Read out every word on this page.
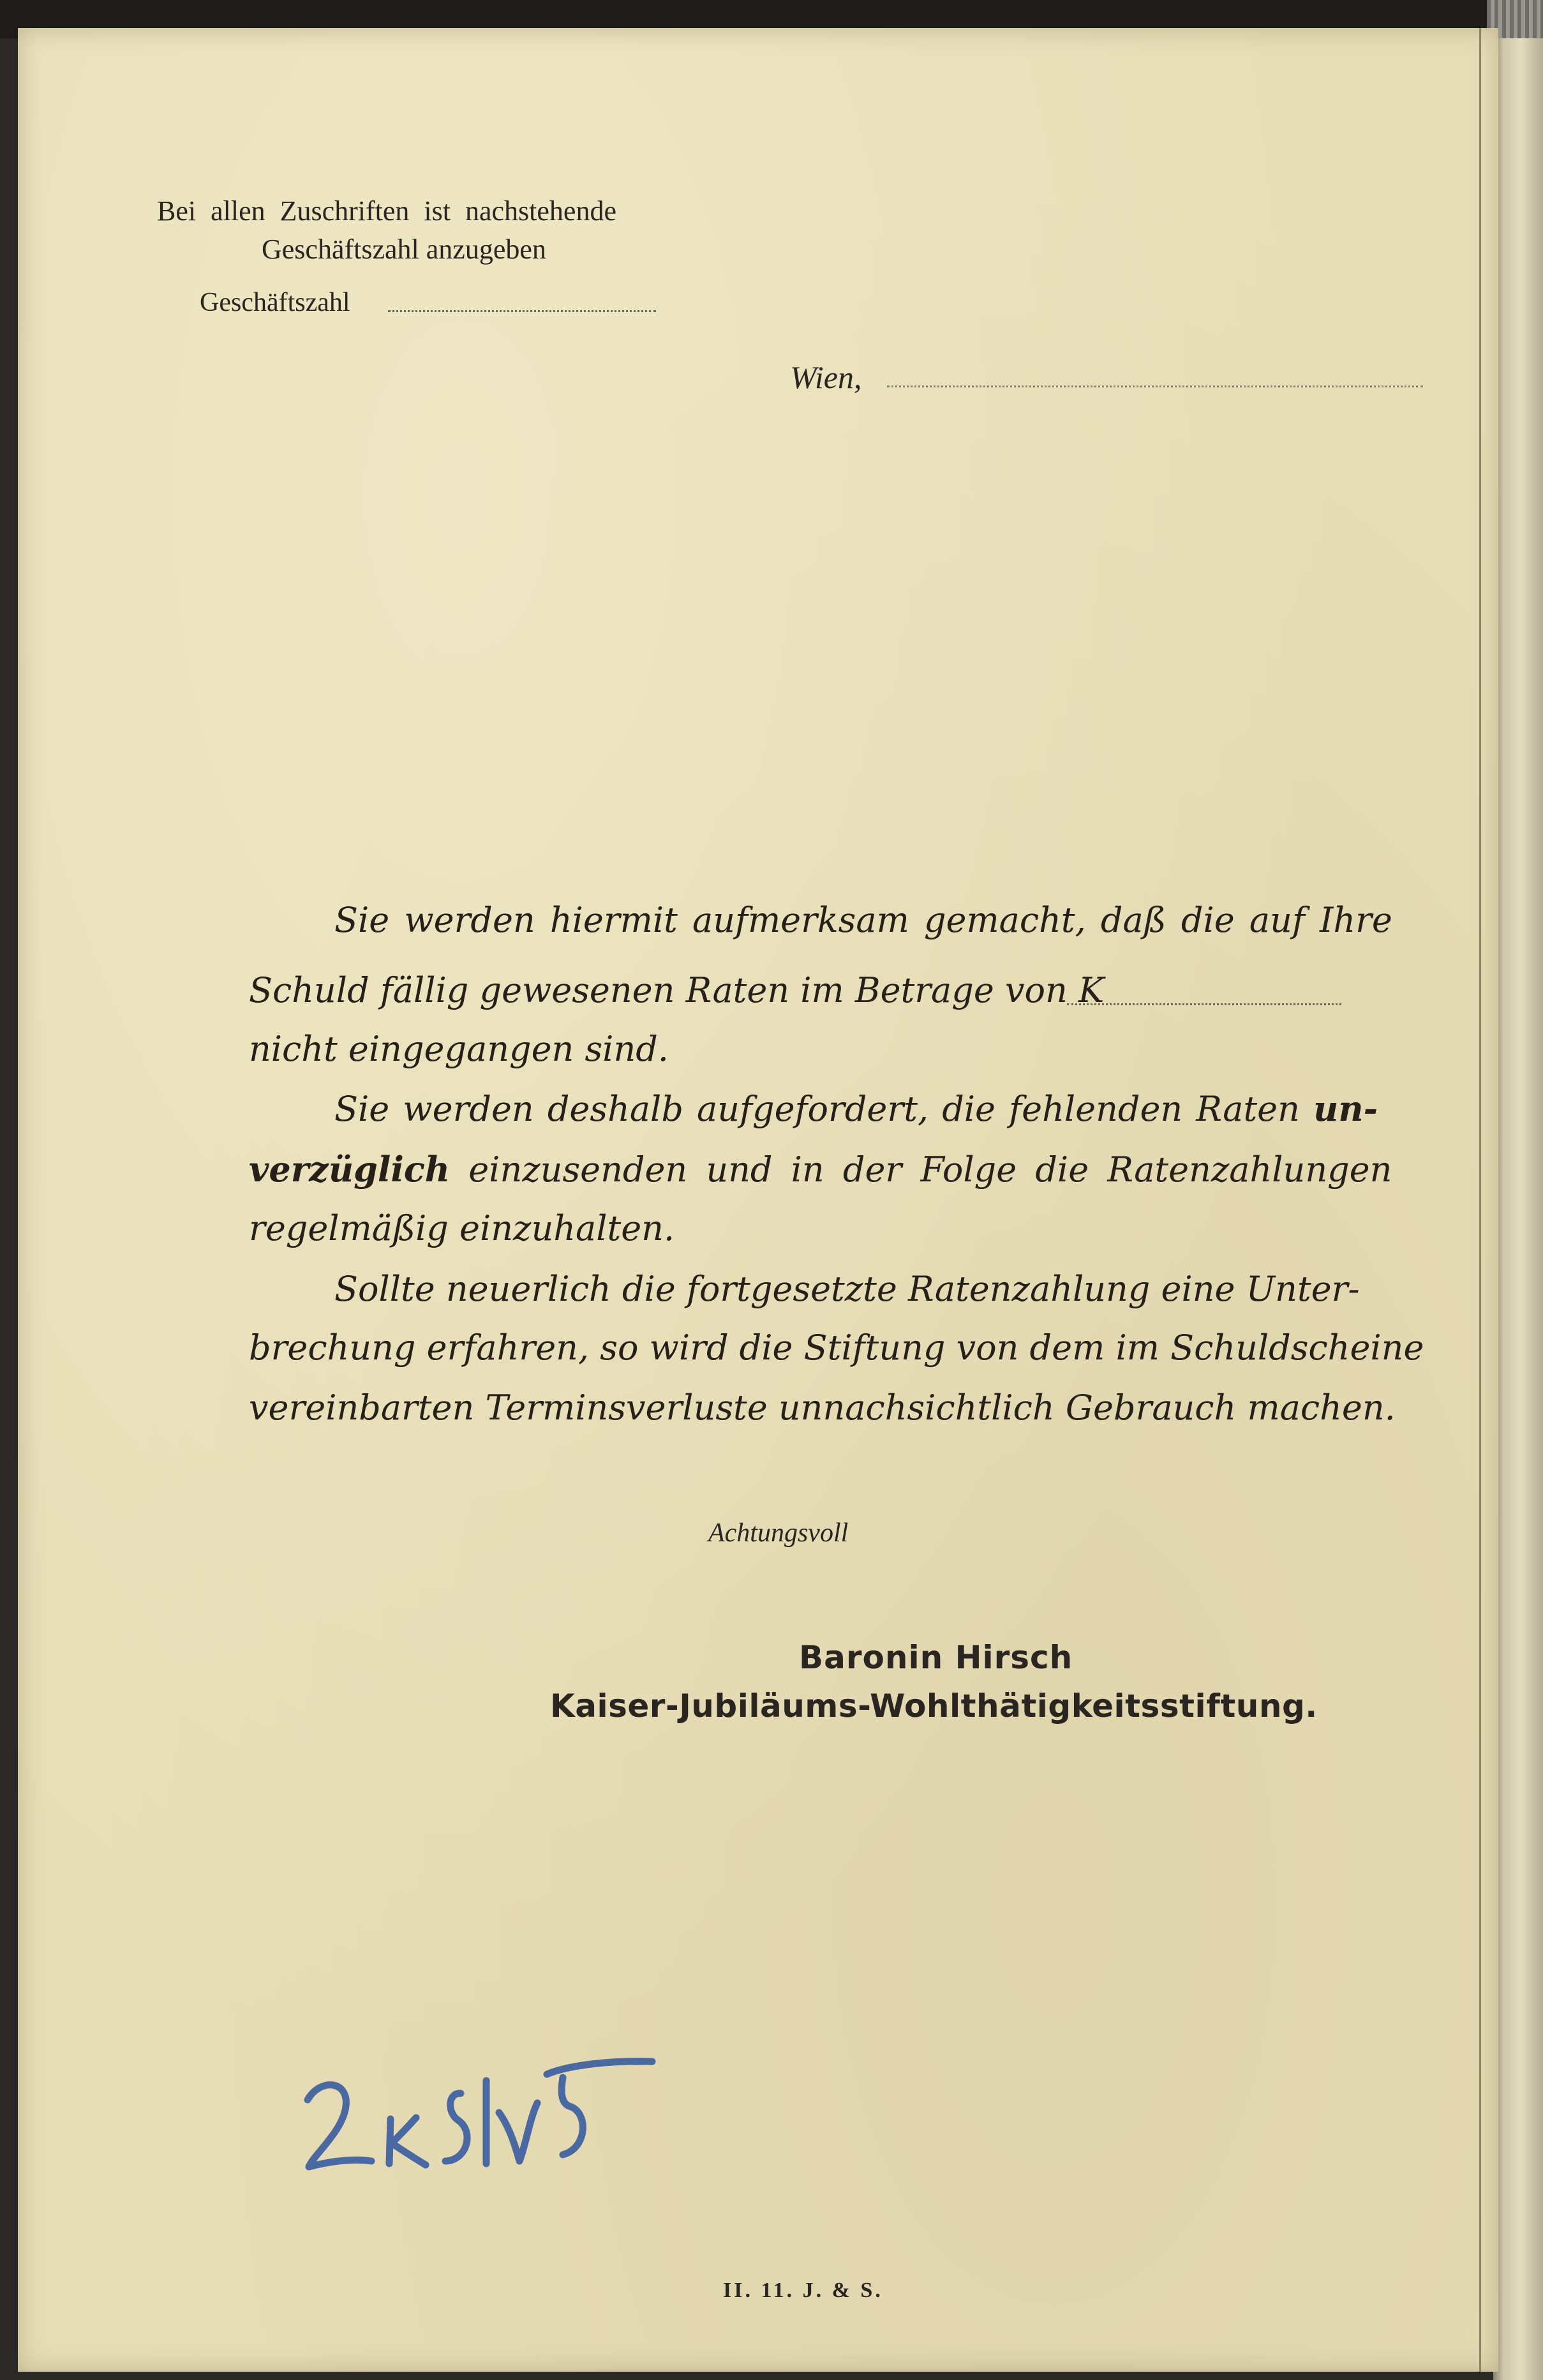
Bei allen Zuschriften ist nachstehende
Geschäftszahl anzugeben
Geschäftszahl
Wien,
Sie werden hiermit aufmerksam gemacht, daß die auf Ihre
Schuld fällig gewesenen Raten im Betrage von K
nicht eingegangen sind.
Sie werden deshalb aufgefordert, die fehlenden Raten un-
verzüglich einzusenden und in der Folge die Ratenzahlungen
regelmäßig einzuhalten.
Sollte neuerlich die fortgesetzte Ratenzahlung eine Unter-
brechung erfahren, so wird die Stiftung von dem im Schuldscheine
vereinbarten Terminsverluste unnachsichtlich Gebrauch machen.
Achtungsvoll
Baronin Hirsch
Kaiser-Jubiläums-Wohlthätigkeitsstiftung.
II. 11. J. & S.
